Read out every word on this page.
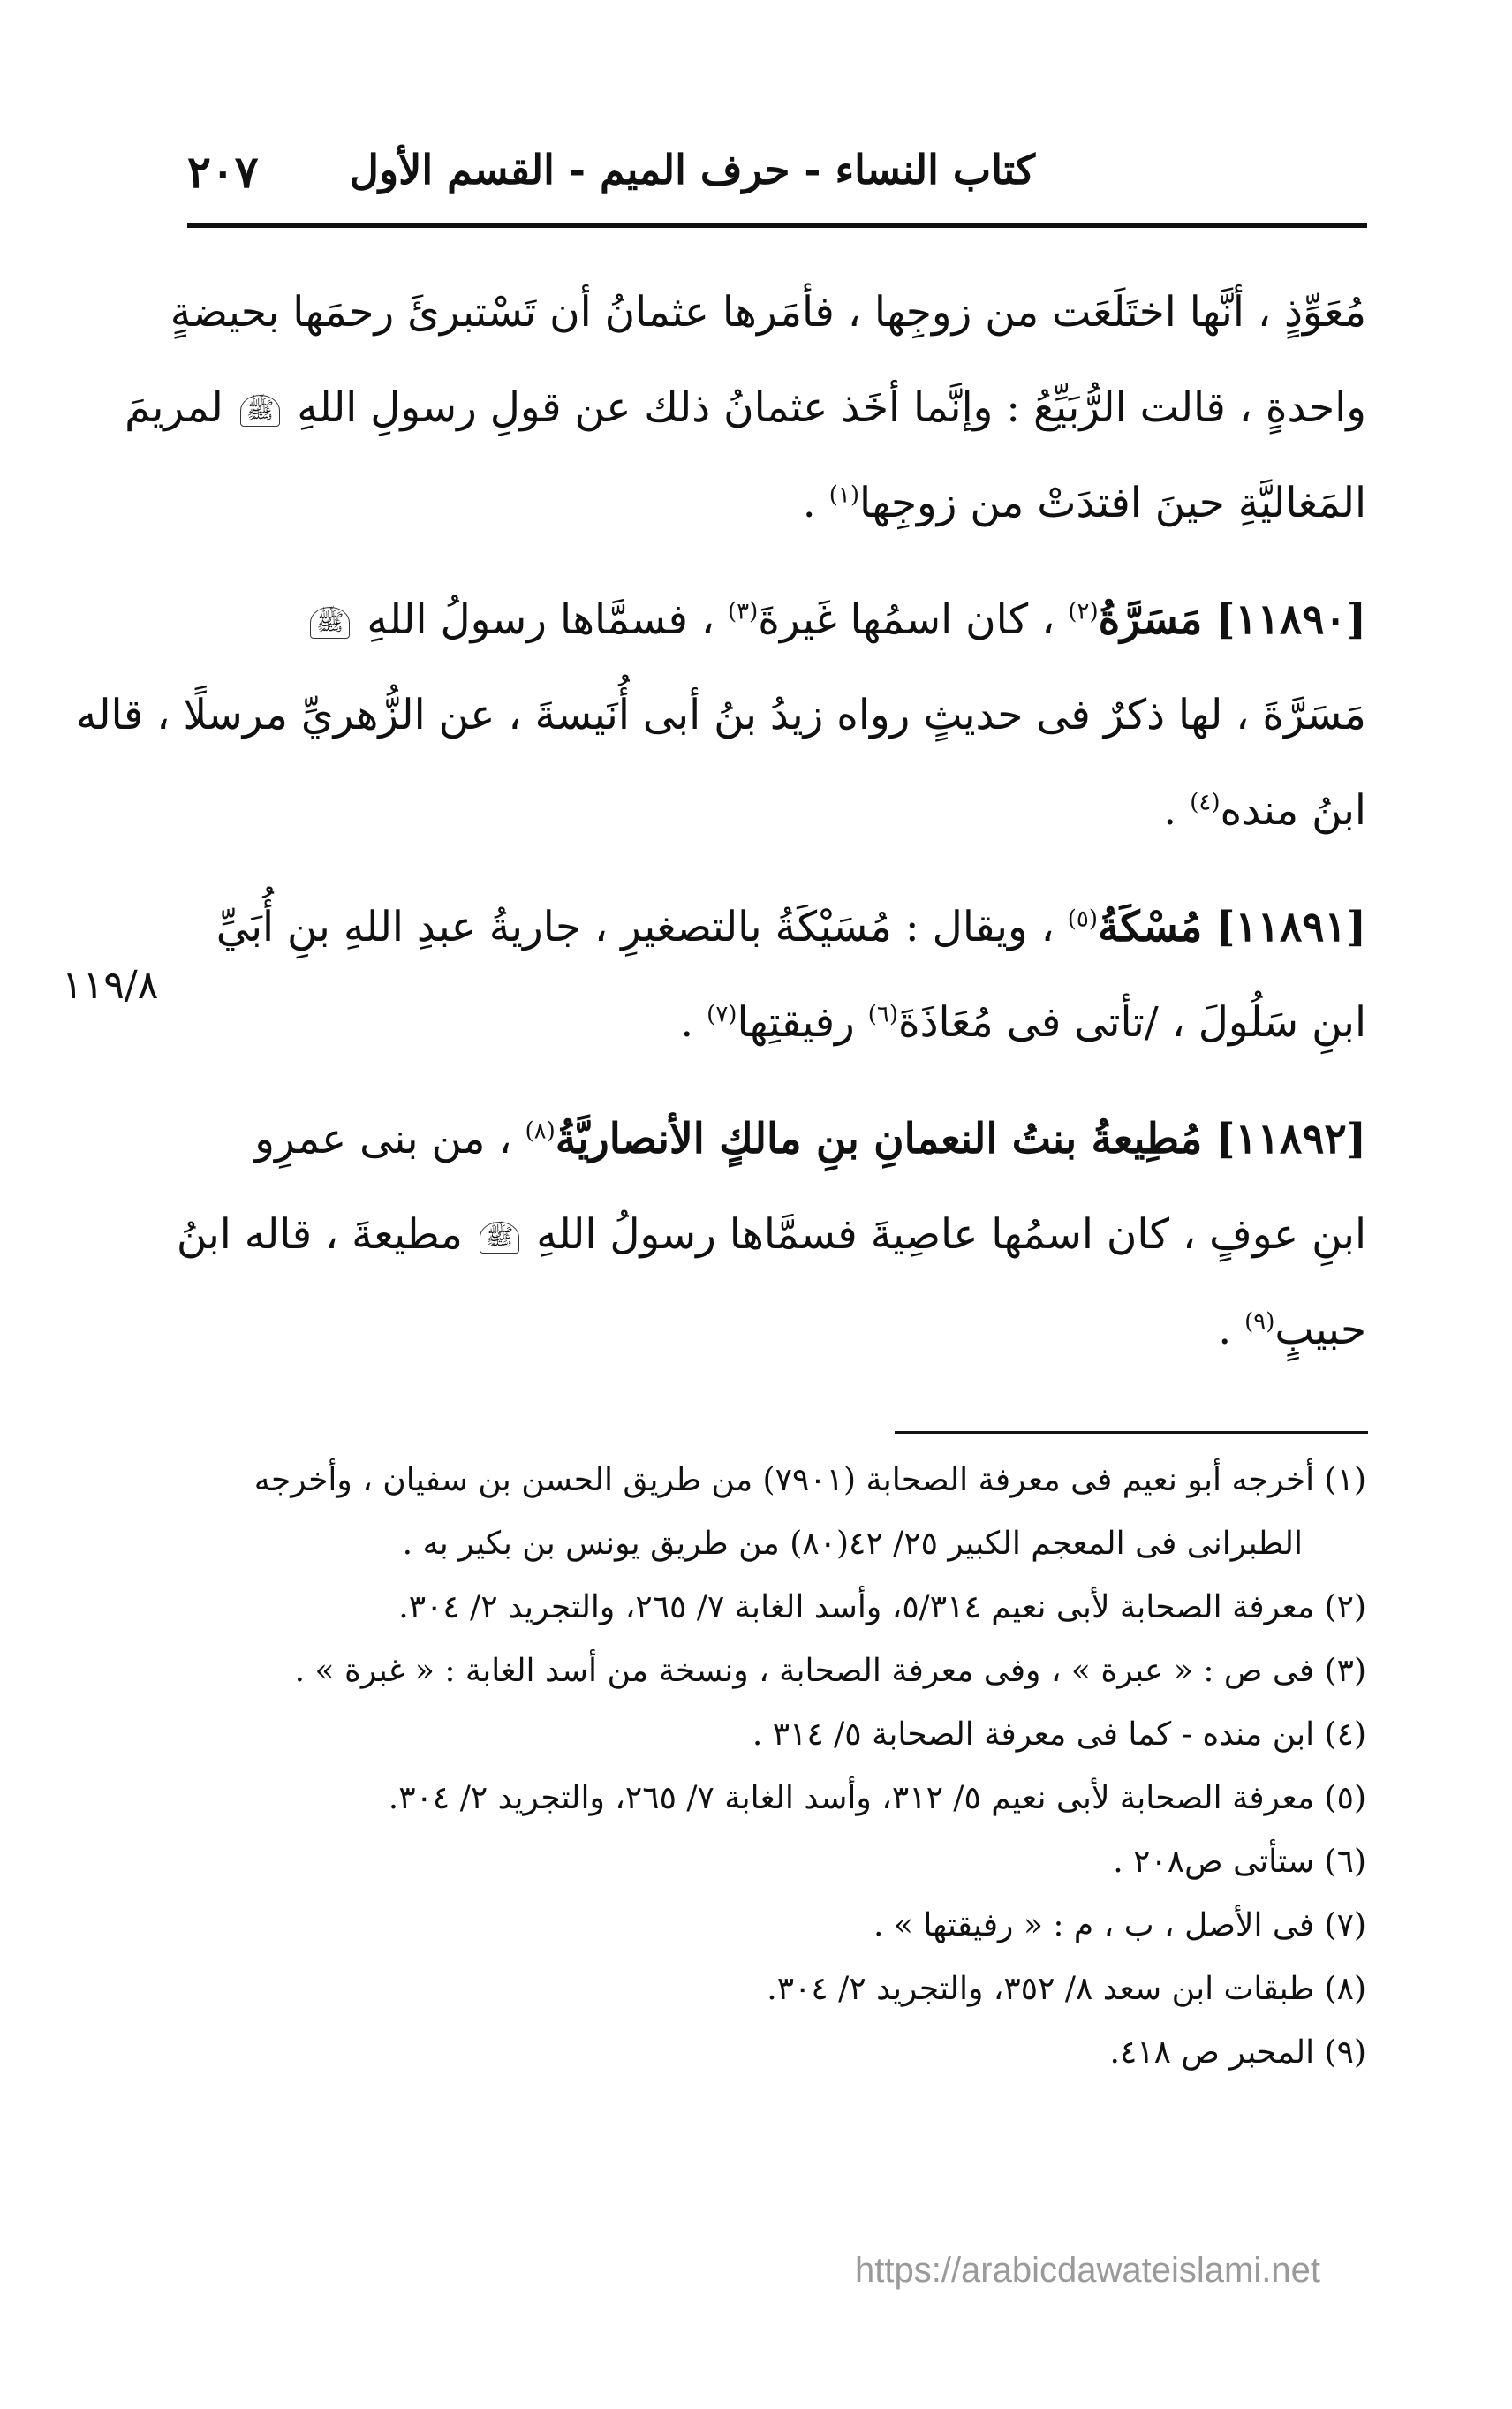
٢٠٧ كتاب النساء - حرف الميم - القسم الأول
مُعَوِّذٍ ، أنَّها اختَلَعَت من زوجِها ، فأمَرها عثمانُ أن تَسْتبرئَ رحمَها بحيضةٍ
واحدةٍ ، قالت الرُّبَيِّعُ : وإنَّما أخَذ عثمانُ ذلك عن قولِ رسولِ اللهِ ﷺ لمريمَ
المَغاليَّةِ حينَ افتدَتْ من زوجِها$^{(١)}$ .
[١١٨٩٠] مَسَرَّةُ$^{(٢)}$ ، كان اسمُها غَيرةَ$^{(٣)}$ ، فسمَّاها رسولُ اللهِ ﷺ
مَسَرَّةَ ، لها ذكرٌ فى حديثٍ رواه زيدُ بنُ أبى أُنَيسةَ ، عن الزُّهريِّ مرسلًا ، قاله
ابنُ منده$^{(٤)}$ .
[١١٨٩١] مُسْكَةُ$^{(٥)}$ ، ويقال : مُسَيْكَةُ بالتصغيرِ ، جاريةُ عبدِ اللهِ بنِ أُبَيِّ
ابنِ سَلُولَ ، /تأتى فى مُعَاذَةَ$^{(٦)}$ رفيقتِها$^{(٧)}$ .
[١١٨٩٢] مُطِيعةُ بنتُ النعمانِ بنِ مالكٍ الأنصاريَّةُ$^{(٨)}$ ، من بنى عمرِو
ابنِ عوفٍ ، كان اسمُها عاصِيةَ فسمَّاها رسولُ اللهِ ﷺ مطيعةَ ، قاله ابنُ
حبيبٍ$^{(٩)}$ .
١١٩/٨
(١) أخرجه أبو نعيم فى معرفة الصحابة (٧٩٠١) من طريق الحسن بن سفيان ، وأخرجه
الطبرانى فى المعجم الكبير ٢٥/ ٤٢(٨٠) من طريق يونس بن بكير به .
(٢) معرفة الصحابة لأبى نعيم ٥/٣١٤، وأسد الغابة ٧/ ٢٦٥، والتجريد ٢/ ٣٠٤.
(٣) فى ص : « عبرة » ، وفى معرفة الصحابة ، ونسخة من أسد الغابة : « غبرة » .
(٤) ابن منده - كما فى معرفة الصحابة ٥/ ٣١٤ .
(٥) معرفة الصحابة لأبى نعيم ٥/ ٣١٢، وأسد الغابة ٧/ ٢٦٥، والتجريد ٢/ ٣٠٤.
(٦) ستأتى ص٢٠٨ .
(٧) فى الأصل ، ب ، م : « رفيقتها » .
(٨) طبقات ابن سعد ٨/ ٣٥٢، والتجريد ٢/ ٣٠٤.
(٩) المحبر ص ٤١٨.
https://arabicdawateislami.net
